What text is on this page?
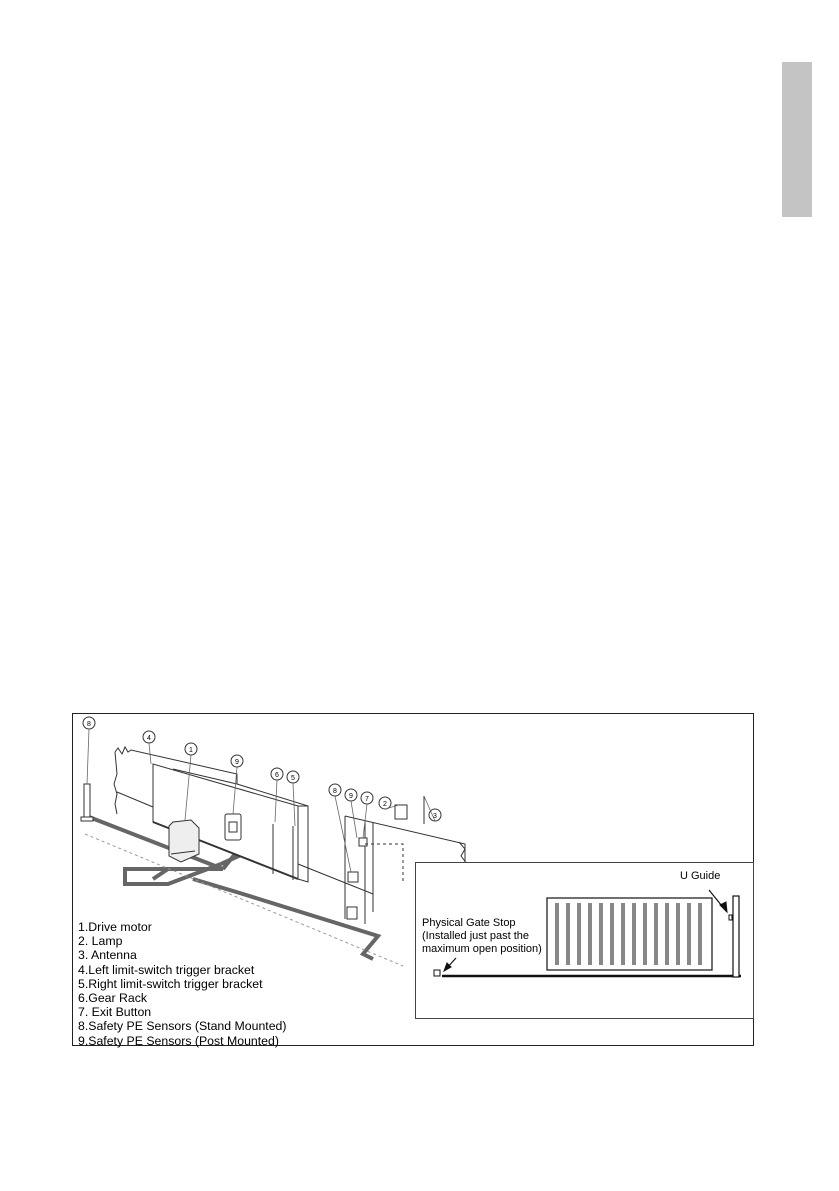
8
4
1
9
6 5
8
9 7
2
3
1.Drive motor
2. Lamp
3. Antenna
4.Left limit-switch trigger bracket
5.Right limit-switch trigger bracket
6.Gear Rack
7. Exit Button
8.Safety PE Sensors (Stand Mounted)
9.Safety PE Sensors (Post Mounted)
U Guide
Physical Gate Stop
(Installed just past the
maximum open position)
